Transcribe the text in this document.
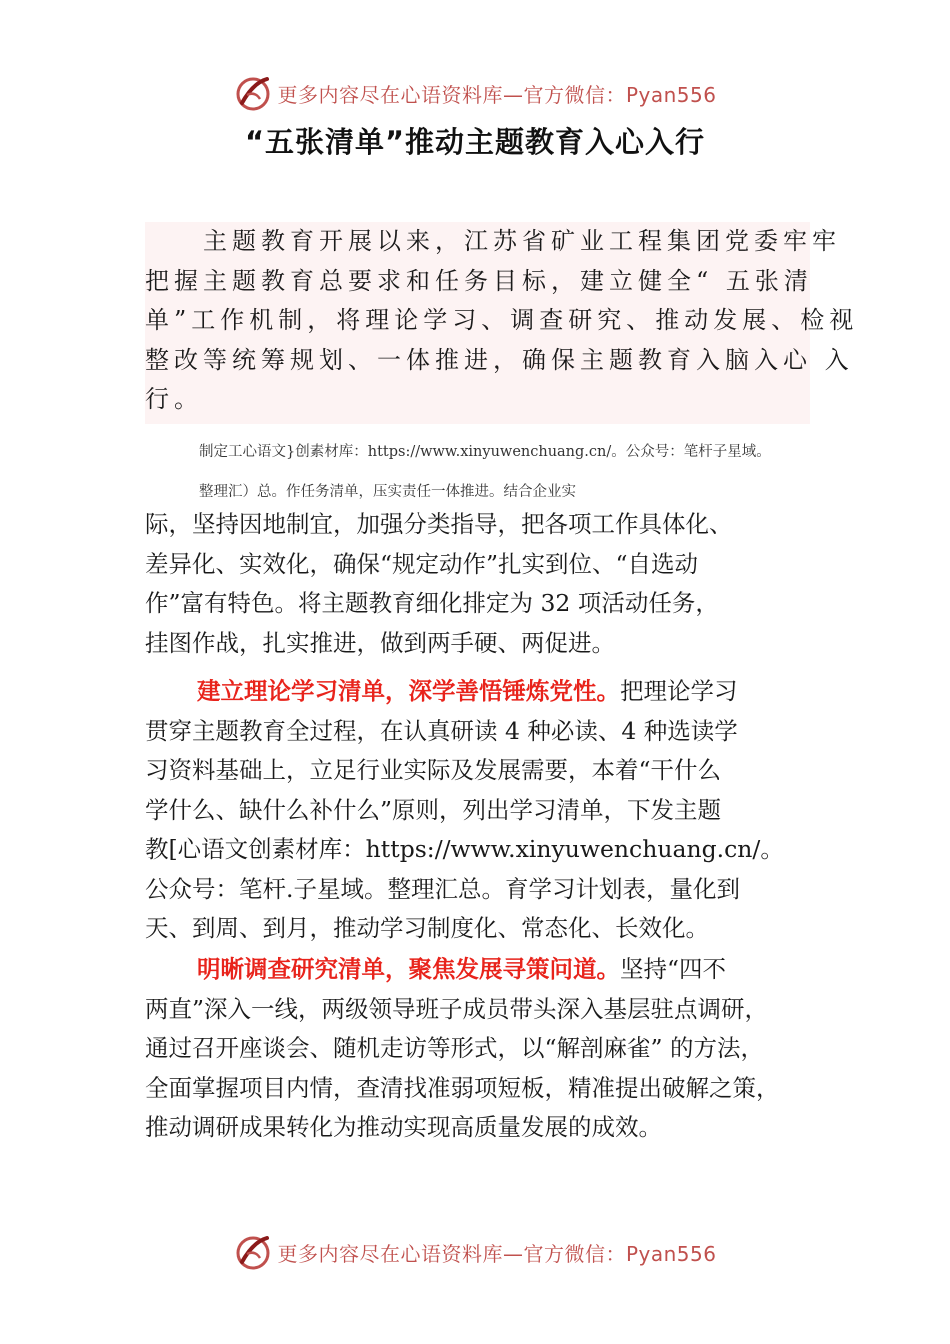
更多内容尽在心语资料库—官方微信：Pyan556
“五张清单”推动主题教育入心入行
主题教育开展以来，江苏省矿业工程集团党委牢牢
把握主题教育总要求和任务目标，建立健全“ 五张清
单”工作机制，将理论学习、调查研究、推动发展、检视
整改等统筹规划、一体推进，确保主题教育入脑入心 入
行。

制定工心语文}创素材库：https://www.xinyuwenchuang.cn/。公众号：笔杆子星域。

整理汇）总。作任务清单，压实责任一体推进。结合企业实

际，坚持因地制宜，加强分类指导，把各项工作具体化、
差异化、实效化，确保“规定动作”扎实到位、“自选动
作”富有特色。将主题教育细化排定为 32 项活动任务，
挂图作战，扎实推进，做到两手硬、两促进。
建立理论学习清单，深学善悟锤炼党性。把理论学习
贯穿主题教育全过程，在认真研读 4 种必读、4 种选读学
习资料基础上，立足行业实际及发展需要，本着“干什么
学什么、缺什么补什么”原则，列出学习清单，下发主题
教[心语文创素材库：https://www.xinyuwenchuang.cn/。
公众号：笔杆.子星域。整理汇总。育学习计划表，量化到
天、到周、到月，推动学习制度化、常态化、长效化。
明晰调查研究清单，聚焦发展寻策问道。坚持“四不
两直”深入一线，两级领导班子成员带头深入基层驻点调研，
通过召开座谈会、随机走访等形式，以“解剖麻雀” 的方法，
全面掌握项目内情，查清找准弱项短板，精准提出破解之策，
推动调研成果转化为推动实现高质量发展的成效。
更多内容尽在心语资料库—官方微信：Pyan556
